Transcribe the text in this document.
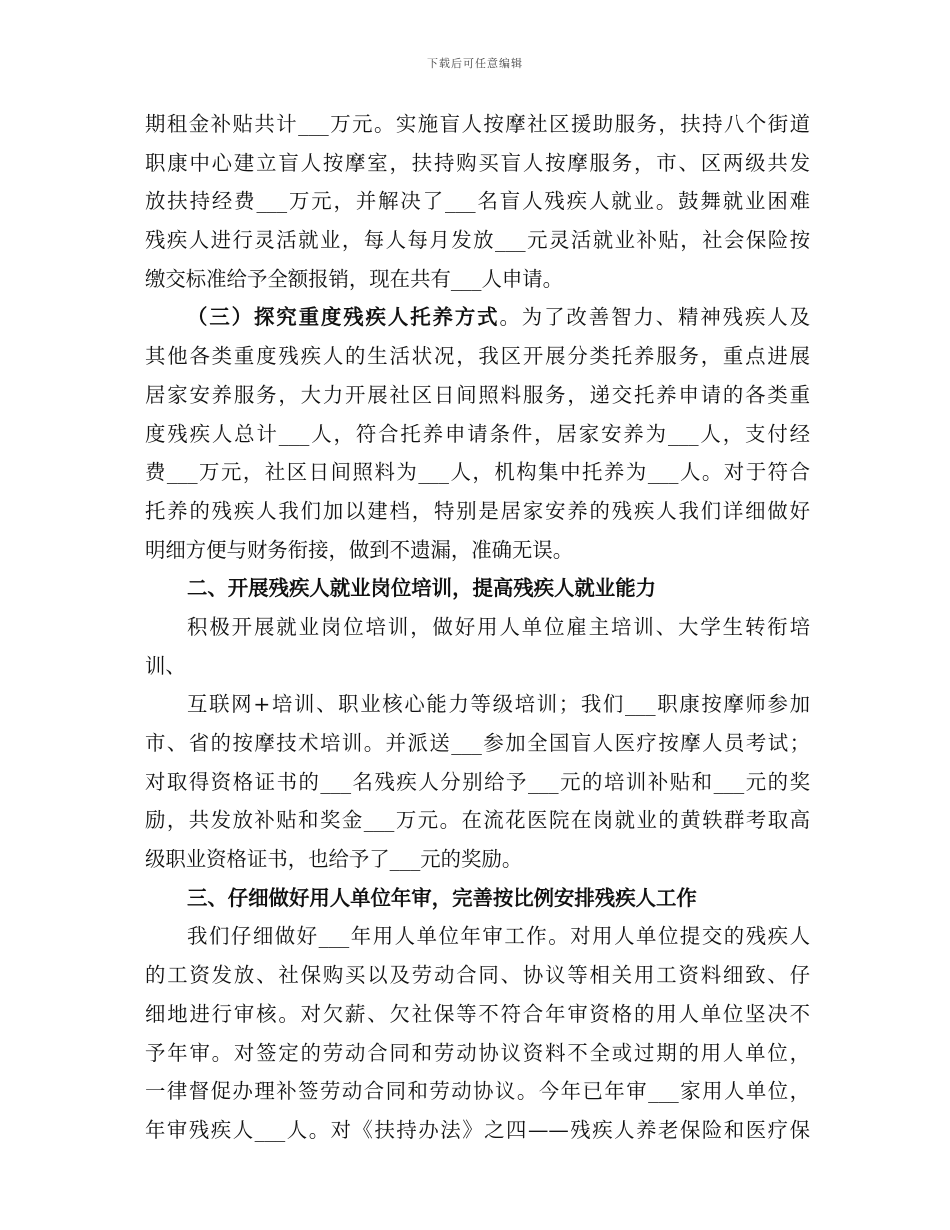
下载后可任意编辑
期租金补贴共计___万元。实施盲人按摩社区援助服务，扶持八个街道
职康中心建立盲人按摩室，扶持购买盲人按摩服务，市、区两级共发
放扶持经费___万元，并解决了___名盲人残疾人就业。鼓舞就业困难
残疾人进行灵活就业，每人每月发放___元灵活就业补贴，社会保险按
缴交标准给予全额报销，现在共有___人申请。
（三）探究重度残疾人托养方式。为了改善智力、精神残疾人及
其他各类重度残疾人的生活状况，我区开展分类托养服务，重点进展
居家安养服务，大力开展社区日间照料服务，递交托养申请的各类重
度残疾人总计___人，符合托养申请条件，居家安养为___人，支付经
费___万元，社区日间照料为___人，机构集中托养为___人。对于符合
托养的残疾人我们加以建档，特别是居家安养的残疾人我们详细做好
明细方便与财务衔接，做到不遗漏，准确无误。
二、开展残疾人就业岗位培训，提高残疾人就业能力
积极开展就业岗位培训，做好用人单位雇主培训、大学生转衔培
训、
互联网+培训、职业核心能力等级培训；我们___职康按摩师参加
市、省的按摩技术培训。并派送___参加全国盲人医疗按摩人员考试；
对取得资格证书的___名残疾人分别给予___元的培训补贴和___元的奖
励，共发放补贴和奖金___万元。在流花医院在岗就业的黄轶群考取高
级职业资格证书，也给予了___元的奖励。
三、仔细做好用人单位年审，完善按比例安排残疾人工作
我们仔细做好___年用人单位年审工作。对用人单位提交的残疾人
的工资发放、社保购买以及劳动合同、协议等相关用工资料细致、仔
细地进行审核。对欠薪、欠社保等不符合年审资格的用人单位坚决不
予年审。对签定的劳动合同和劳动协议资料不全或过期的用人单位，
一律督促办理补签劳动合同和劳动协议。今年已年审___家用人单位，
年审残疾人___人。对《扶持办法》之四——残疾人养老保险和医疗保
